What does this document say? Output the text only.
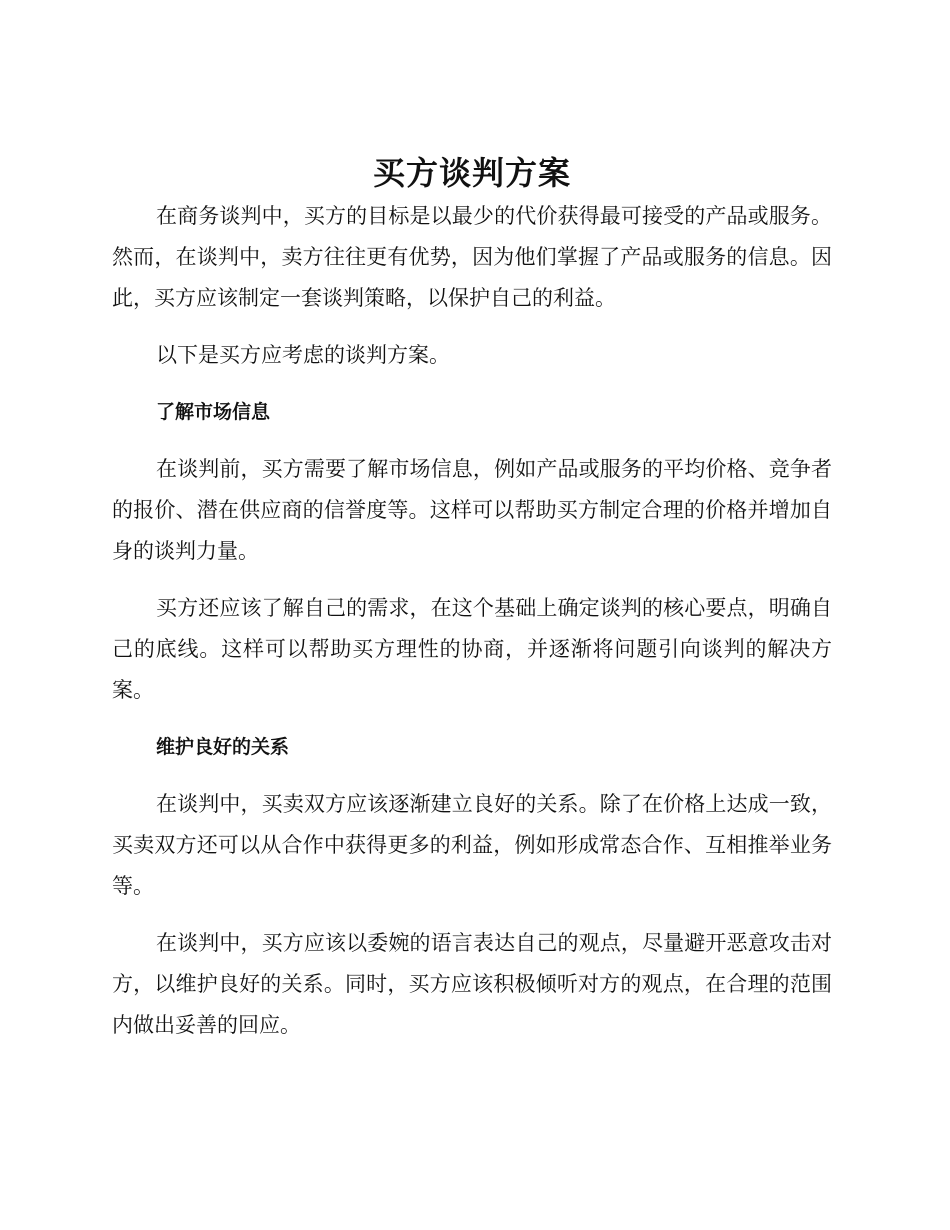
买方谈判方案

在商务谈判中，买方的目标是以最少的代价获得最可接受的产品或服务。然而，在谈判中，卖方往往更有优势，因为他们掌握了产品或服务的信息。因此，买方应该制定一套谈判策略，以保护自己的利益。

以下是买方应考虑的谈判方案。

了解市场信息

在谈判前，买方需要了解市场信息，例如产品或服务的平均价格、竞争者的报价、潜在供应商的信誉度等。这样可以帮助买方制定合理的价格并增加自身的谈判力量。

买方还应该了解自己的需求，在这个基础上确定谈判的核心要点，明确自己的底线。这样可以帮助买方理性的协商，并逐渐将问题引向谈判的解决方案。

维护良好的关系

在谈判中，买卖双方应该逐渐建立良好的关系。除了在价格上达成一致，买卖双方还可以从合作中获得更多的利益，例如形成常态合作、互相推举业务等。

在谈判中，买方应该以委婉的语言表达自己的观点，尽量避开恶意攻击对方，以维护良好的关系。同时，买方应该积极倾听对方的观点，在合理的范围内做出妥善的回应。
